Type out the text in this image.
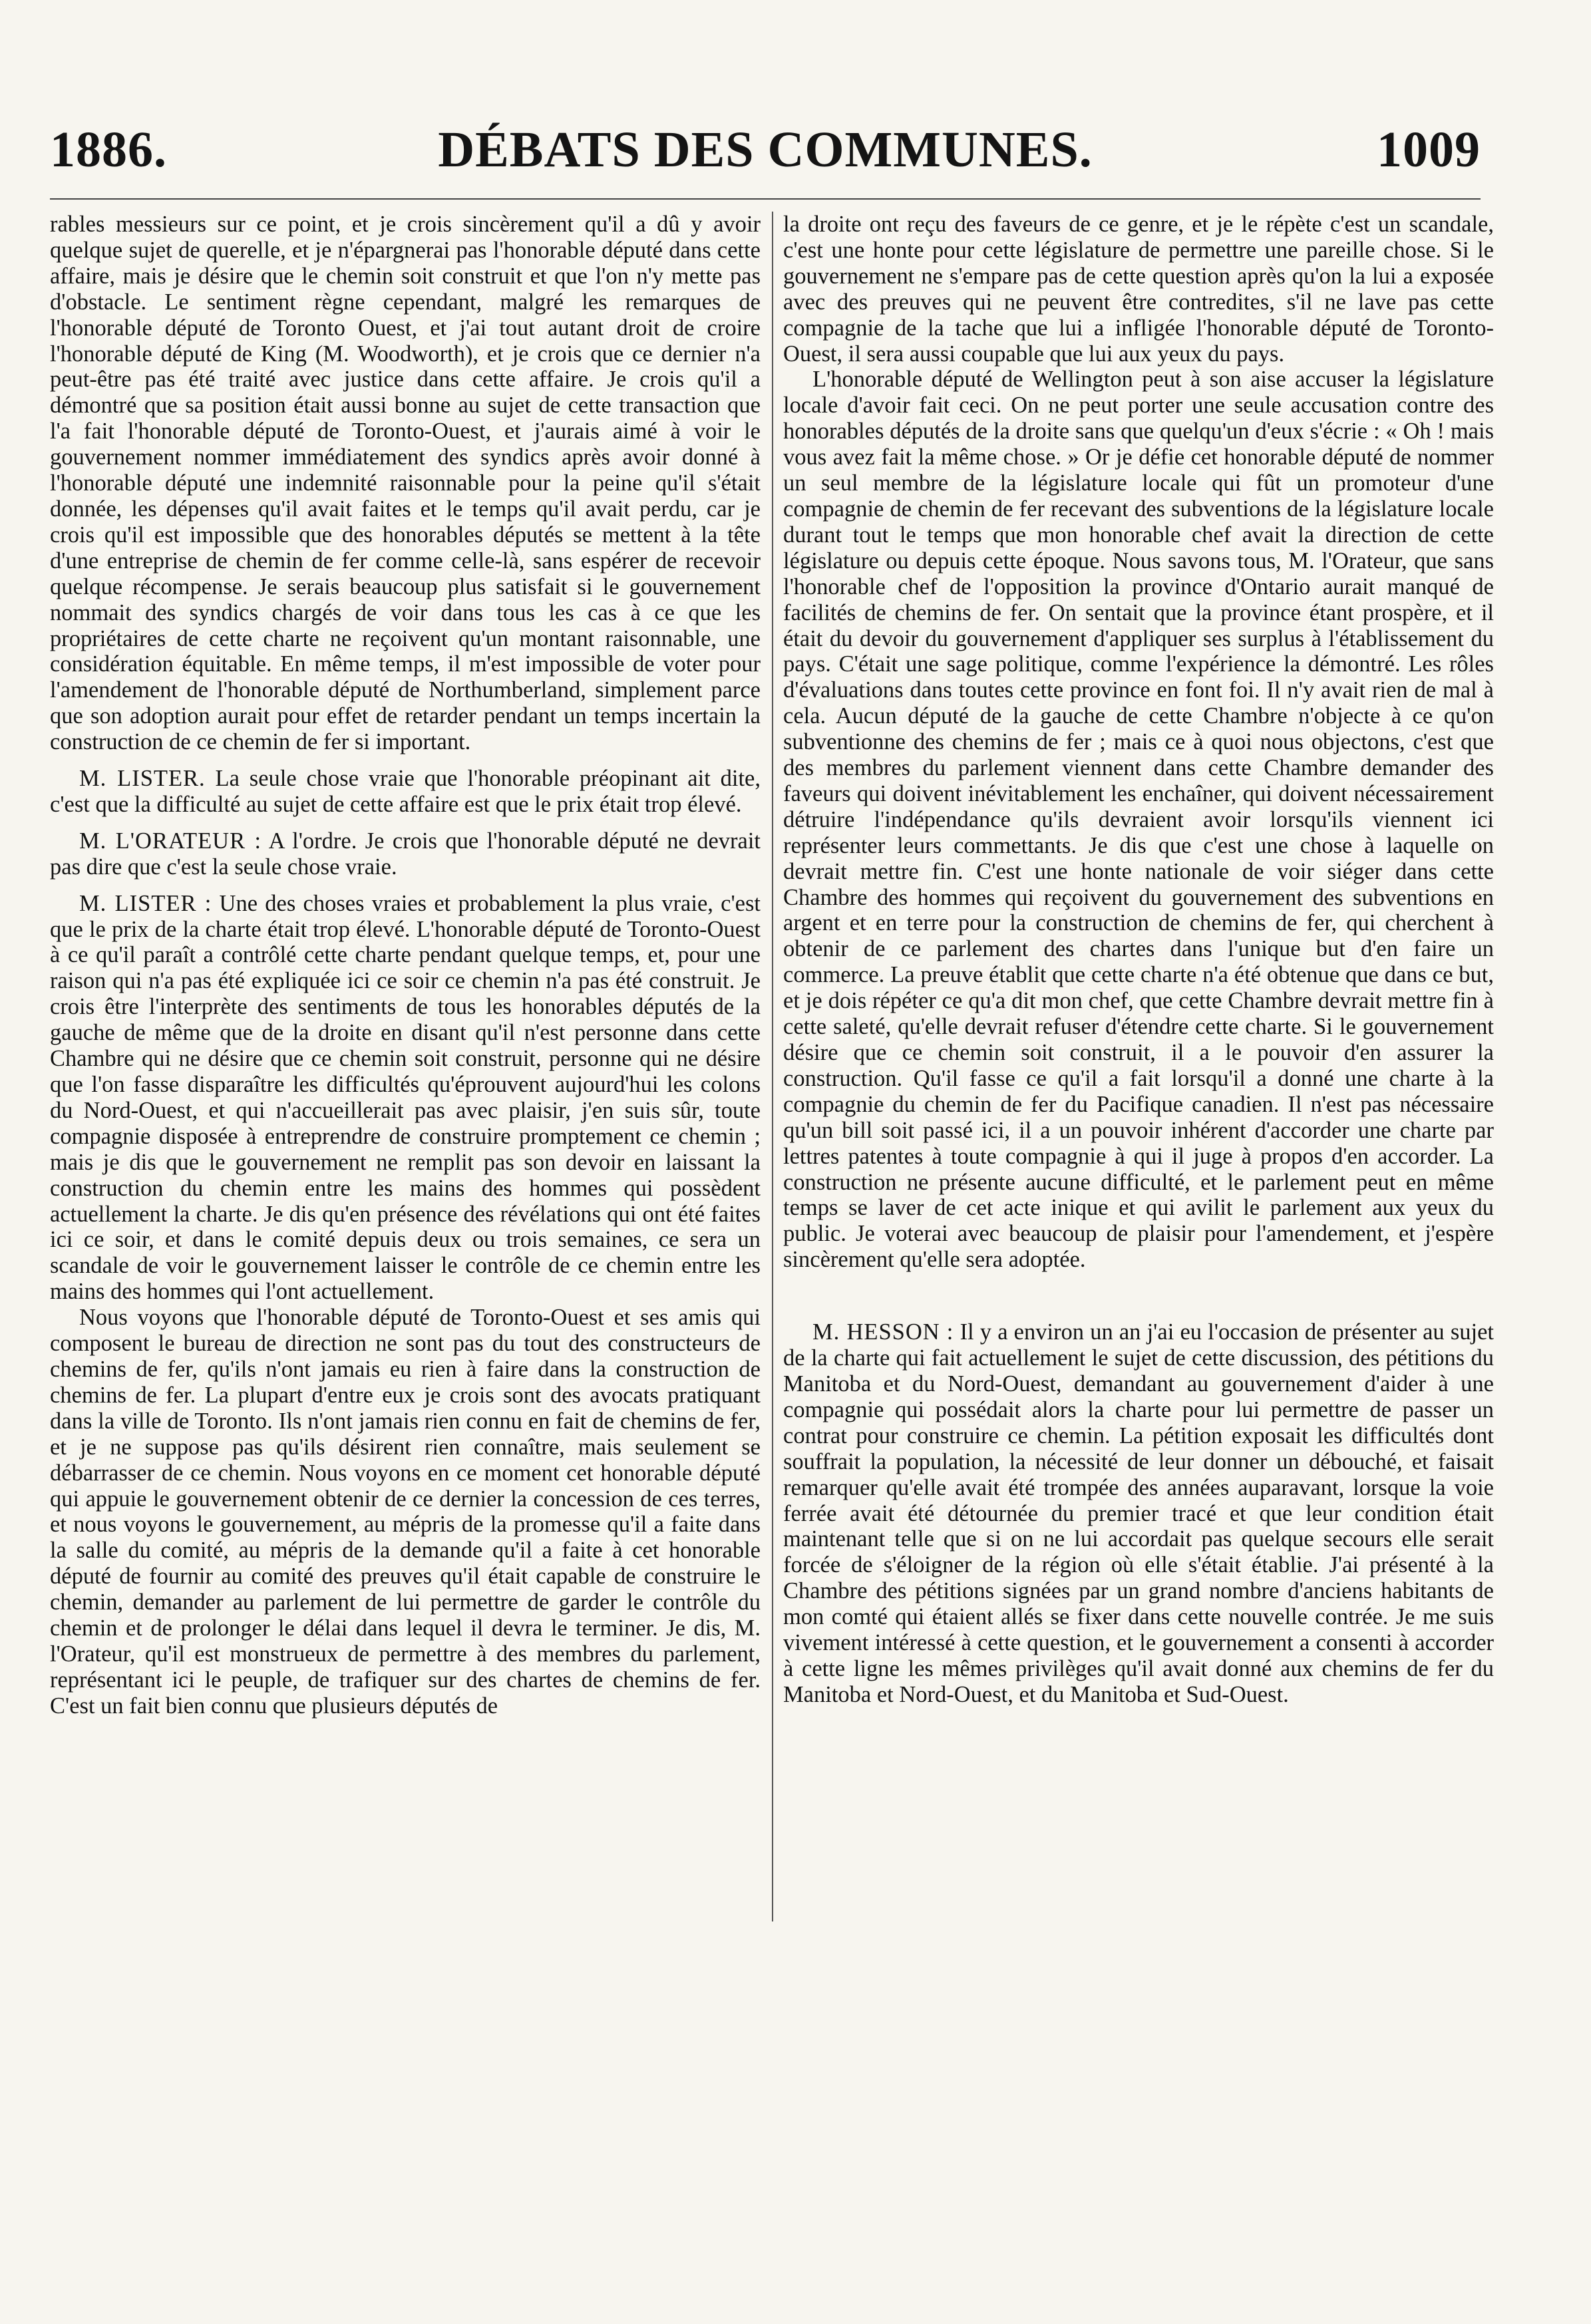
1886.	DÉBATS DES COMMUNES.	1009

rables messieurs sur ce point, et je crois sincèrement qu'il a dû y avoir quelque sujet de querelle, et je n'épargnerai pas l'honorable député dans cette affaire, mais je désire que le chemin soit construit et que l'on n'y mette pas d'obstacle. Le sentiment règne cependant, malgré les remarques de l'honorable député de Toronto Ouest, et j'ai tout autant droit de croire l'honorable député de King (M. Woodworth), et je crois que ce dernier n'a peut-être pas été traité avec justice dans cette affaire. Je crois qu'il a démontré que sa position était aussi bonne au sujet de cette transaction que l'a fait l'honorable député de Toronto-Ouest, et j'aurais aimé à voir le gouvernement nommer immédiatement des syndics après avoir donné à l'honorable député une indemnité raisonnable pour la peine qu'il s'était donnée, les dépenses qu'il avait faites et le temps qu'il avait perdu, car je crois qu'il est impossible que des honorables députés se mettent à la tête d'une entreprise de chemin de fer comme celle-là, sans espérer de recevoir quelque récompense. Je serais beaucoup plus satisfait si le gouvernement nommait des syndics chargés de voir dans tous les cas à ce que les propriétaires de cette charte ne reçoivent qu'un montant raisonnable, une considération équitable. En même temps, il m'est impossible de voter pour l'amendement de l'honorable député de Northumberland, simplement parce que son adoption aurait pour effet de retarder pendant un temps incertain la construction de ce chemin de fer si important.

M. LISTER. La seule chose vraie que l'honorable préopinant ait dite, c'est que la difficulté au sujet de cette affaire est que le prix était trop élevé.

M. L'ORATEUR : A l'ordre. Je crois que l'honorable député ne devrait pas dire que c'est la seule chose vraie.

M. LISTER : Une des choses vraies et probablement la plus vraie, c'est que le prix de la charte était trop élevé. L'honorable député de Toronto-Ouest à ce qu'il paraît a contrôlé cette charte pendant quelque temps, et, pour une raison qui n'a pas été expliquée ici ce soir ce chemin n'a pas été construit. Je crois être l'interprète des sentiments de tous les honorables députés de la gauche de même que de la droite en disant qu'il n'est personne dans cette Chambre qui ne désire que ce chemin soit construit, personne qui ne désire que l'on fasse disparaître les difficultés qu'éprouvent aujourd'hui les colons du Nord-Ouest, et qui n'accueillerait pas avec plaisir, j'en suis sûr, toute compagnie disposée à entreprendre de construire promptement ce chemin ; mais je dis que le gouvernement ne remplit pas son devoir en laissant la construction du chemin entre les mains des hommes qui possèdent actuellement la charte. Je dis qu'en présence des révélations qui ont été faites ici ce soir, et dans le comité depuis deux ou trois semaines, ce sera un scandale de voir le gouvernement laisser le contrôle de ce chemin entre les mains des hommes qui l'ont actuellement.

Nous voyons que l'honorable député de Toronto-Ouest et ses amis qui composent le bureau de direction ne sont pas du tout des constructeurs de chemins de fer, qu'ils n'ont jamais eu rien à faire dans la construction de chemins de fer. La plupart d'entre eux je crois sont des avocats pratiquant dans la ville de Toronto. Ils n'ont jamais rien connu en fait de chemins de fer, et je ne suppose pas qu'ils désirent rien connaître, mais seulement se débarrasser de ce chemin. Nous voyons en ce moment cet honorable député qui appuie le gouvernement obtenir de ce dernier la concession de ces terres, et nous voyons le gouvernement, au mépris de la promesse qu'il a faite dans la salle du comité, au mépris de la demande qu'il a faite à cet honorable député de fournir au comité des preuves qu'il était capable de construire le chemin, demander au parlement de lui permettre de garder le contrôle du chemin et de prolonger le délai dans lequel il devra le terminer. Je dis, M. l'Orateur, qu'il est monstrueux de permettre à des membres du parlement, représentant ici le peuple, de trafiquer sur des chartes de chemins de fer. C'est un fait bien connu que plusieurs députés de

la droite ont reçu des faveurs de ce genre, et je le répète c'est un scandale, c'est une honte pour cette législature de permettre une pareille chose. Si le gouvernement ne s'empare pas de cette question après qu'on la lui a exposée avec des preuves qui ne peuvent être contredites, s'il ne lave pas cette compagnie de la tache que lui a infligée l'honorable député de Toronto-Ouest, il sera aussi coupable que lui aux yeux du pays.

L'honorable député de Wellington peut à son aise accuser la législature locale d'avoir fait ceci. On ne peut porter une seule accusation contre des honorables députés de la droite sans que quelqu'un d'eux s'écrie : « Oh ! mais vous avez fait la même chose. » Or je défie cet honorable député de nommer un seul membre de la législature locale qui fût un promoteur d'une compagnie de chemin de fer recevant des subventions de la législature locale durant tout le temps que mon honorable chef avait la direction de cette législature ou depuis cette époque. Nous savons tous, M. l'Orateur, que sans l'honorable chef de l'opposition la province d'Ontario aurait manqué de facilités de chemins de fer. On sentait que la province étant prospère, et il était du devoir du gouvernement d'appliquer ses surplus à l'établissement du pays. C'était une sage politique, comme l'expérience la démontré. Les rôles d'évaluations dans toutes cette province en font foi. Il n'y avait rien de mal à cela. Aucun député de la gauche de cette Chambre n'objecte à ce qu'on subventionne des chemins de fer ; mais ce à quoi nous objectons, c'est que des membres du parlement viennent dans cette Chambre demander des faveurs qui doivent inévitablement les enchaîner, qui doivent nécessairement détruire l'indépendance qu'ils devraient avoir lorsqu'ils viennent ici représenter leurs commettants. Je dis que c'est une chose à laquelle on devrait mettre fin. C'est une honte nationale de voir siéger dans cette Chambre des hommes qui reçoivent du gouvernement des subventions en argent et en terre pour la construction de chemins de fer, qui cherchent à obtenir de ce parlement des chartes dans l'unique but d'en faire un commerce. La preuve établit que cette charte n'a été obtenue que dans ce but, et je dois répéter ce qu'a dit mon chef, que cette Chambre devrait mettre fin à cette saleté, qu'elle devrait refuser d'étendre cette charte. Si le gouvernement désire que ce chemin soit construit, il a le pouvoir d'en assurer la construction. Qu'il fasse ce qu'il a fait lorsqu'il a donné une charte à la compagnie du chemin de fer du Pacifique canadien. Il n'est pas nécessaire qu'un bill soit passé ici, il a un pouvoir inhérent d'accorder une charte par lettres patentes à toute compagnie à qui il juge à propos d'en accorder. La construction ne présente aucune difficulté, et le parlement peut en même temps se laver de cet acte inique et qui avilit le parlement aux yeux du public. Je voterai avec beaucoup de plaisir pour l'amendement, et j'espère sincèrement qu'elle sera adoptée.

M. HESSON : Il y a environ un an j'ai eu l'occasion de présenter au sujet de la charte qui fait actuellement le sujet de cette discussion, des pétitions du Manitoba et du Nord-Ouest, demandant au gouvernement d'aider à une compagnie qui possédait alors la charte pour lui permettre de passer un contrat pour construire ce chemin. La pétition exposait les difficultés dont souffrait la population, la nécessité de leur donner un débouché, et faisait remarquer qu'elle avait été trompée des années auparavant, lorsque la voie ferrée avait été détournée du premier tracé et que leur condition était maintenant telle que si on ne lui accordait pas quelque secours elle serait forcée de s'éloigner de la région où elle s'était établie. J'ai présenté à la Chambre des pétitions signées par un grand nombre d'anciens habitants de mon comté qui étaient allés se fixer dans cette nouvelle contrée. Je me suis vivement intéressé à cette question, et le gouvernement a consenti à accorder à cette ligne les mêmes privilèges qu'il avait donné aux chemins de fer du Manitoba et Nord-Ouest, et du Manitoba et Sud-Ouest.
